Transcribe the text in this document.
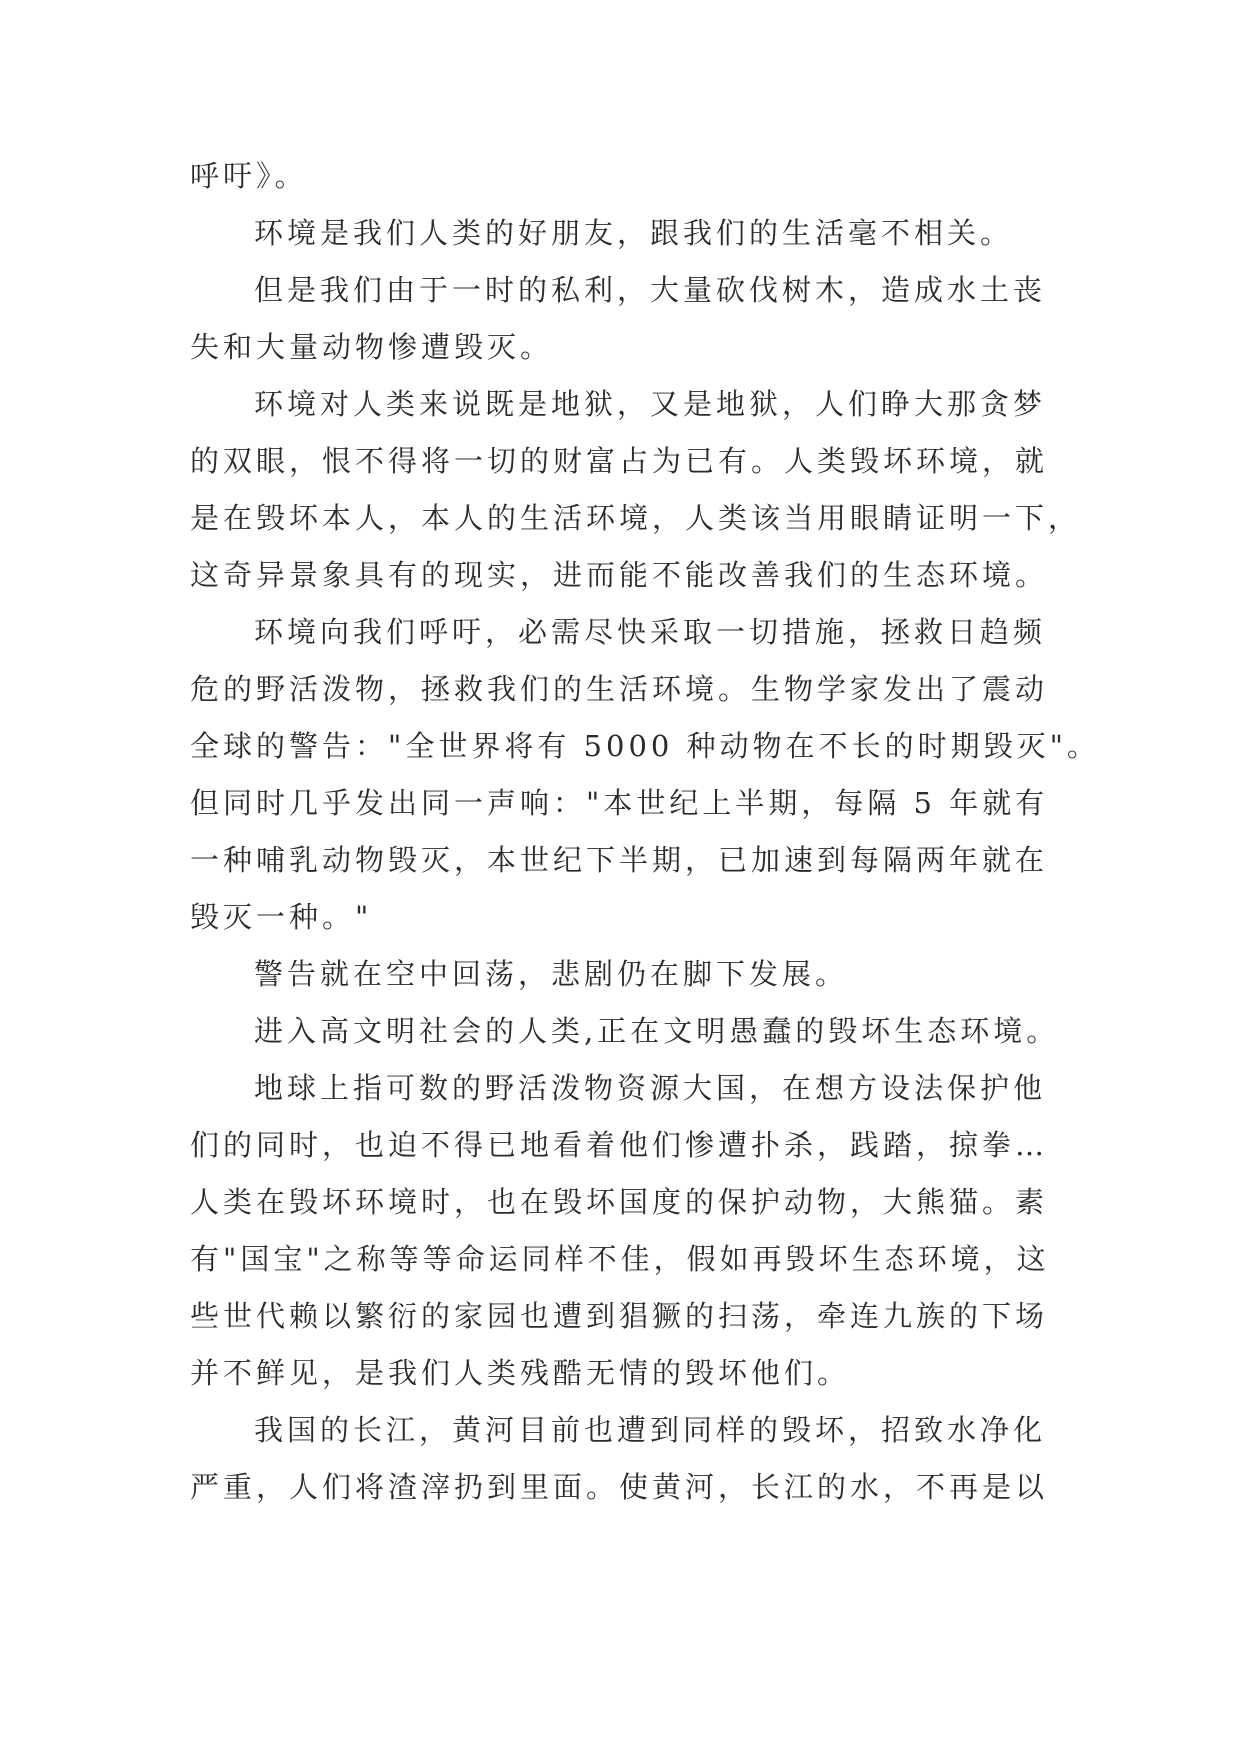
呼吁》。
环境是我们人类的好朋友，跟我们的生活毫不相关。
但是我们由于一时的私利，大量砍伐树木，造成水土丧
失和大量动物惨遭毁灭。
环境对人类来说既是地狱，又是地狱，人们睁大那贪梦
的双眼，恨不得将一切的财富占为已有。人类毁坏环境，就
是在毁坏本人，本人的生活环境，人类该当用眼睛证明一下，
这奇异景象具有的现实，进而能不能改善我们的生态环境。
环境向我们呼吁，必需尽快采取一切措施，拯救日趋频
危的野活泼物，拯救我们的生活环境。生物学家发出了震动
全球的警告："全世界将有 5000 种动物在不长的时期毁灭"。
但同时几乎发出同一声响："本世纪上半期，每隔 5 年就有
一种哺乳动物毁灭，本世纪下半期，已加速到每隔两年就在
毁灭一种。"
警告就在空中回荡，悲剧仍在脚下发展。
进入高文明社会的人类,正在文明愚蠢的毁坏生态环境。
地球上指可数的野活泼物资源大国，在想方设法保护他
们的同时，也迫不得已地看着他们惨遭扑杀，践踏，掠拳…
人类在毁坏环境时，也在毁坏国度的保护动物，大熊猫。素
有"国宝"之称等等命运同样不佳，假如再毁坏生态环境，这
些世代赖以繁衍的家园也遭到猖獗的扫荡，牵连九族的下场
并不鲜见，是我们人类残酷无情的毁坏他们。
我国的长江，黄河目前也遭到同样的毁坏，招致水净化
严重，人们将渣滓扔到里面。使黄河，长江的水，不再是以
